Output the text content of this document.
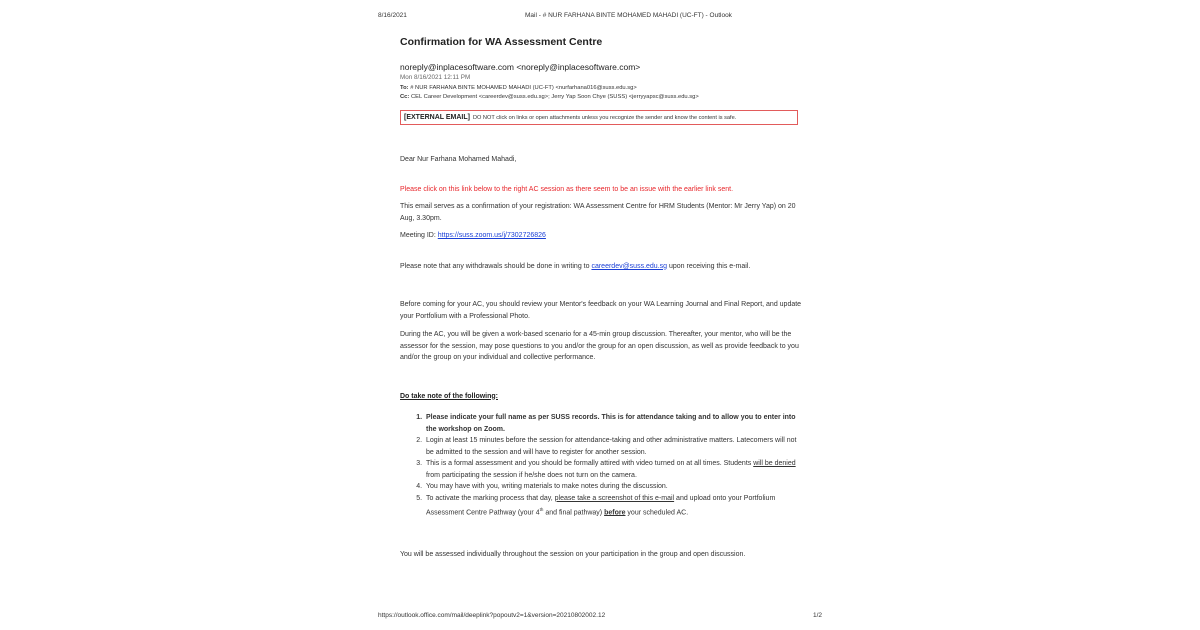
8/16/2021	Mail - # NUR FARHANA BINTE MOHAMED MAHADI (UC-FT) - Outlook
Confirmation for WA Assessment Centre
noreply@inplacesoftware.com <noreply@inplacesoftware.com>
Mon 8/16/2021 12:11 PM
To: # NUR FARHANA BINTE MOHAMED MAHADI (UC-FT) <nurfarhana016@suss.edu.sg>
Cc: CEL Career Development <careerdev@suss.edu.sg>; Jerry Yap Soon Chye (SUSS) <jerryyapsc@suss.edu.sg>
[EXTERNAL EMAIL] DO NOT click on links or open attachments unless you recognize the sender and know the content is safe.

Dear Nur Farhana Mohamed Mahadi,

Please click on this link below to the right AC session as there seem to be an issue with the earlier link sent.

This email serves as a confirmation of your registration: WA Assessment Centre for HRM Students (Mentor: Mr Jerry Yap) on 20 Aug, 3.30pm.

Meeting ID: https://suss.zoom.us/j/7302726826

Please note that any withdrawals should be done in writing to careerdev@suss.edu.sg upon receiving this e-mail.

Before coming for your AC, you should review your Mentor's feedback on your WA Learning Journal and Final Report, and update your Portfolium with a Professional Photo.

During the AC, you will be given a work-based scenario for a 45-min group discussion. Thereafter, your mentor, who will be the assessor for the session, may pose questions to you and/or the group for an open discussion, as well as provide feedback to you and/or the group on your individual and collective performance.

Do take note of the following:

1. Please indicate your full name as per SUSS records. This is for attendance taking and to allow you to enter into the workshop on Zoom.
2. Login at least 15 minutes before the session for attendance-taking and other administrative matters. Latecomers will not be admitted to the session and will have to register for another session.
3. This is a formal assessment and you should be formally attired with video turned on at all times. Students will be denied from participating the session if he/she does not turn on the camera.
4. You may have with you, writing materials to make notes during the discussion.
5. To activate the marking process that day, please take a screenshot of this e-mail and upload onto your Portfolium Assessment Centre Pathway (your 4th and final pathway) before your scheduled AC.

You will be assessed individually throughout the session on your participation in the group and open discussion.

https://outlook.office.com/mail/deeplink?popoutv2=1&version=20210802002.12	1/2
